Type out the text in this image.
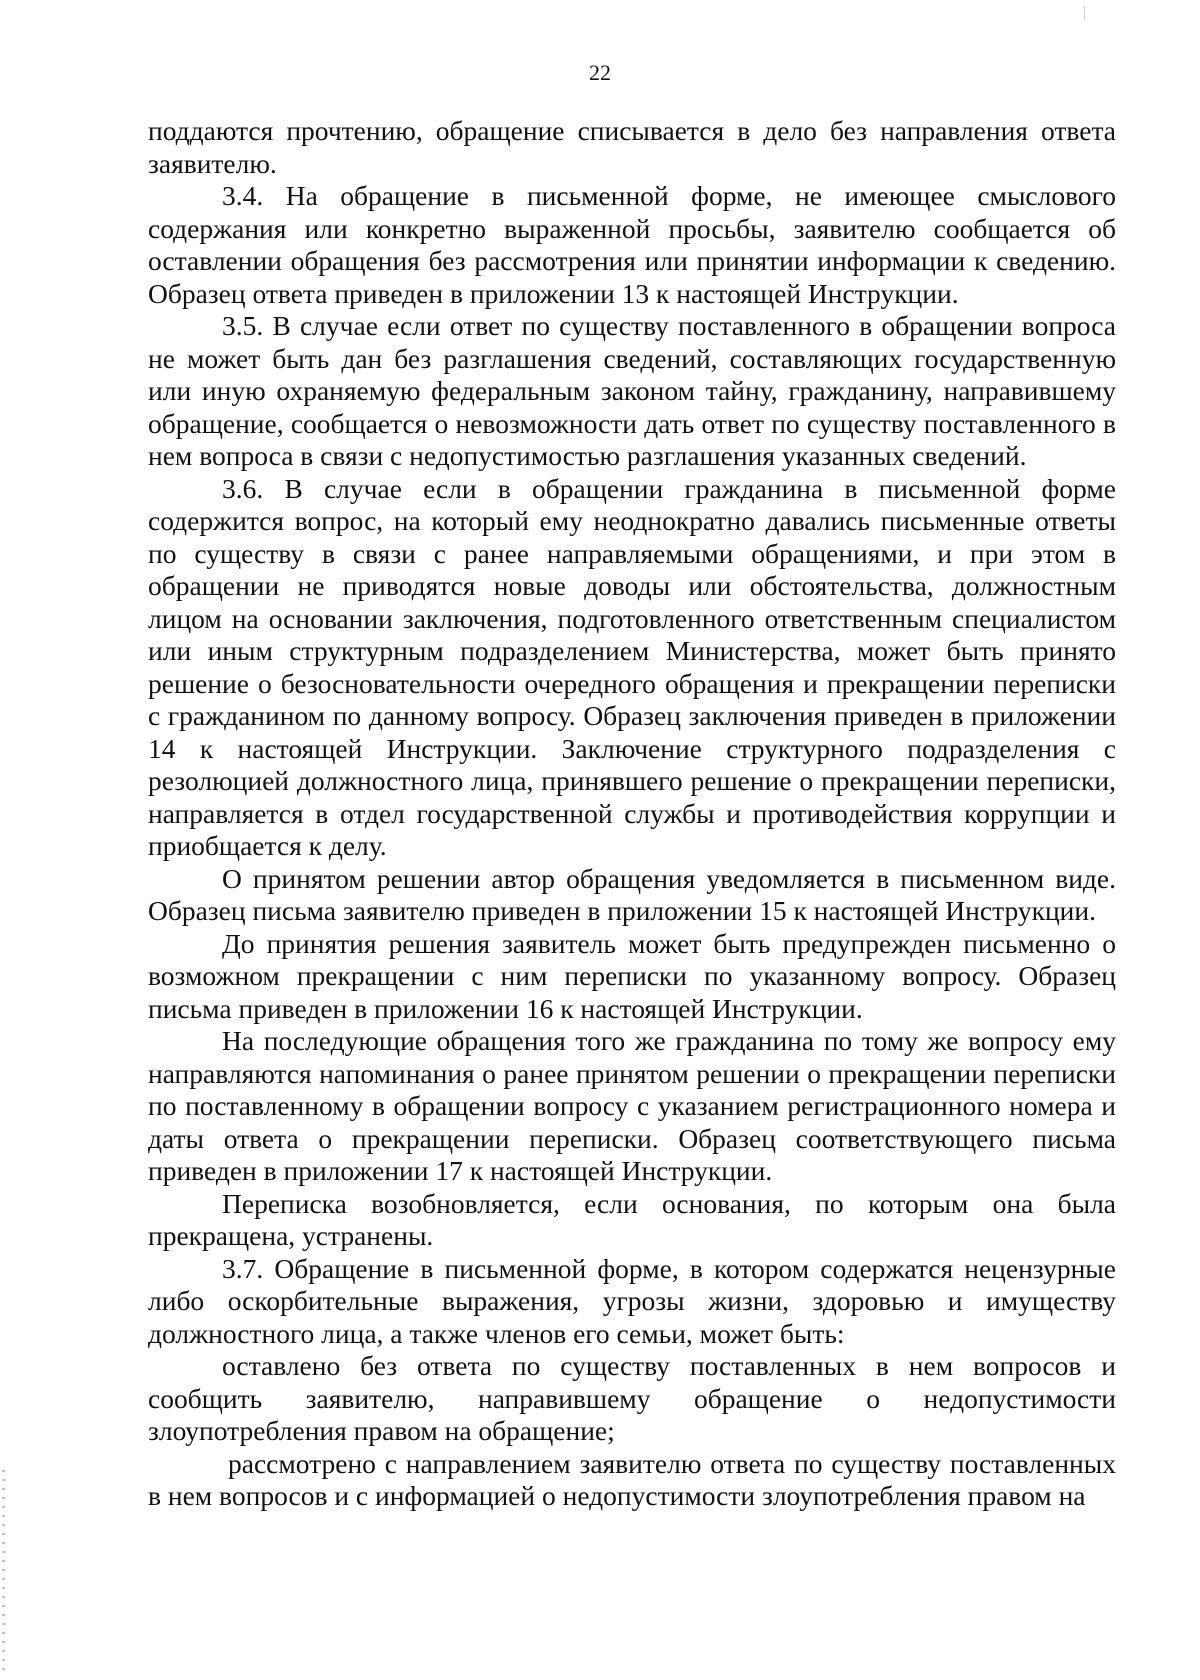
22

поддаются прочтению, обращение списывается в дело без направления ответа заявителю.

3.4. На обращение в письменной форме, не имеющее смыслового содержания или конкретно выраженной просьбы, заявителю сообщается об оставлении обращения без рассмотрения или принятии информации к сведению. Образец ответа приведен в приложении 13 к настоящей Инструкции.

3.5. В случае если ответ по существу поставленного в обращении вопроса не может быть дан без разглашения сведений, составляющих государственную или иную охраняемую федеральным законом тайну, гражданину, направившему обращение, сообщается о невозможности дать ответ по существу поставленного в нем вопроса в связи с недопустимостью разглашения указанных сведений.

3.6. В случае если в обращении гражданина в письменной форме содержится вопрос, на который ему неоднократно давались письменные ответы по существу в связи с ранее направляемыми обращениями, и при этом в обращении не приводятся новые доводы или обстоятельства, должностным лицом на основании заключения, подготовленного ответственным специалистом или иным структурным подразделением Министерства, может быть принято решение о безосновательности очередного обращения и прекращении переписки с гражданином по данному вопросу. Образец заключения приведен в приложении 14 к настоящей Инструкции. Заключение структурного подразделения с резолюцией должностного лица, принявшего решение о прекращении переписки, направляется в отдел государственной службы и противодействия коррупции и приобщается к делу.

О принятом решении автор обращения уведомляется в письменном виде. Образец письма заявителю приведен в приложении 15 к настоящей Инструкции.

До принятия решения заявитель может быть предупрежден письменно о возможном прекращении с ним переписки по указанному вопросу. Образец письма приведен в приложении 16 к настоящей Инструкции.

На последующие обращения того же гражданина по тому же вопросу ему направляются напоминания о ранее принятом решении о прекращении переписки по поставленному в обращении вопросу с указанием регистрационного номера и даты ответа о прекращении переписки. Образец соответствующего письма приведен в приложении 17 к настоящей Инструкции.

Переписка возобновляется, если основания, по которым она была прекращена, устранены.

3.7. Обращение в письменной форме, в котором содержатся нецензурные либо оскорбительные выражения, угрозы жизни, здоровью и имуществу должностного лица, а также членов его семьи, может быть:

оставлено без ответа по существу поставленных в нем вопросов и сообщить заявителю, направившему обращение о недопустимости злоупотребления правом на обращение;

рассмотрено с направлением заявителю ответа по существу поставленных в нем вопросов и с информацией о недопустимости злоупотребления правом на
